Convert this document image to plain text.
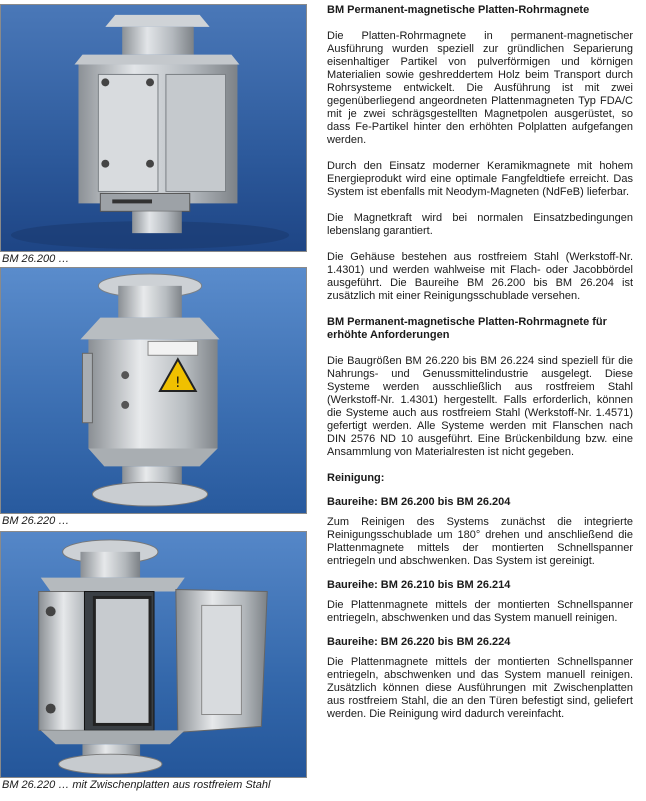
BM 26.200 …
!
BM 26.220 …
BM 26.220 … mit Zwischenplatten aus rostfreiem Stahl

BM Permanent-magnetische Platten-Rohrmagnete

Die Platten-Rohrmagnete in permanent-magnetischer Ausführung wurden speziell zur gründlichen Separierung eisenhaltiger Partikel von pulverförmigen und körnigen Materialien sowie geshreddertem Holz beim Transport durch Rohrsysteme entwickelt. Die Ausführung ist mit zwei gegenüberliegend angeordneten Plattenmagneten Typ FDA/C mit je zwei schrägsgestellten Magnetpolen ausgerüstet, so dass Fe-Partikel hinter den erhöhten Polplatten aufgefangen werden.

Durch den Einsatz moderner Keramikmagnete mit hohem Energieprodukt wird eine optimale Fangfeldtiefe erreicht. Das System ist ebenfalls mit Neodym-Magneten (NdFeB) lieferbar.

Die Magnetkraft wird bei normalen Einsatzbedingungen lebenslang garantiert.

Die Gehäuse bestehen aus rostfreiem Stahl (Werkstoff-Nr. 1.4301) und werden wahlweise mit Flach- oder Jacobbördel ausgeführt. Die Baureihe BM 26.200 bis BM 26.204 ist zusätzlich mit einer Reinigungsschublade versehen.

BM Permanent-magnetische Platten-Rohrmagnete für erhöhte Anforderungen

Die Baugrößen BM 26.220 bis BM 26.224 sind speziell für die Nahrungs- und Genussmittelindustrie ausgelegt. Diese Systeme werden ausschließlich aus rostfreiem Stahl (Werkstoff-Nr. 1.4301) hergestellt. Falls erforderlich, können die Systeme auch aus rostfreiem Stahl (Werkstoff-Nr. 1.4571) gefertigt werden. Alle Systeme werden mit Flanschen nach DIN 2576 ND 10 ausgeführt. Eine Brückenbildung bzw. eine Ansammlung von Materialresten ist nicht gegeben.

Reinigung:

Baureihe: BM 26.200 bis BM 26.204

Zum Reinigen des Systems zunächst die integrierte Reinigungsschublade um 180° drehen und anschließend die Plattenmagnete mittels der montierten Schnellspanner entriegeln und abschwenken. Das System ist gereinigt.

Baureihe: BM 26.210 bis BM 26.214

Die Plattenmagnete mittels der montierten Schnellspanner entriegeln, abschwenken und das System manuell reinigen.

Baureihe: BM 26.220 bis BM 26.224

Die Plattenmagnete mittels der montierten Schnellspanner entriegeln, abschwenken und das System manuell reinigen. Zusätzlich können diese Ausführungen mit Zwischenplatten aus rostfreiem Stahl, die an den Türen befestigt sind, geliefert werden. Die Reinigung wird dadurch vereinfacht.
